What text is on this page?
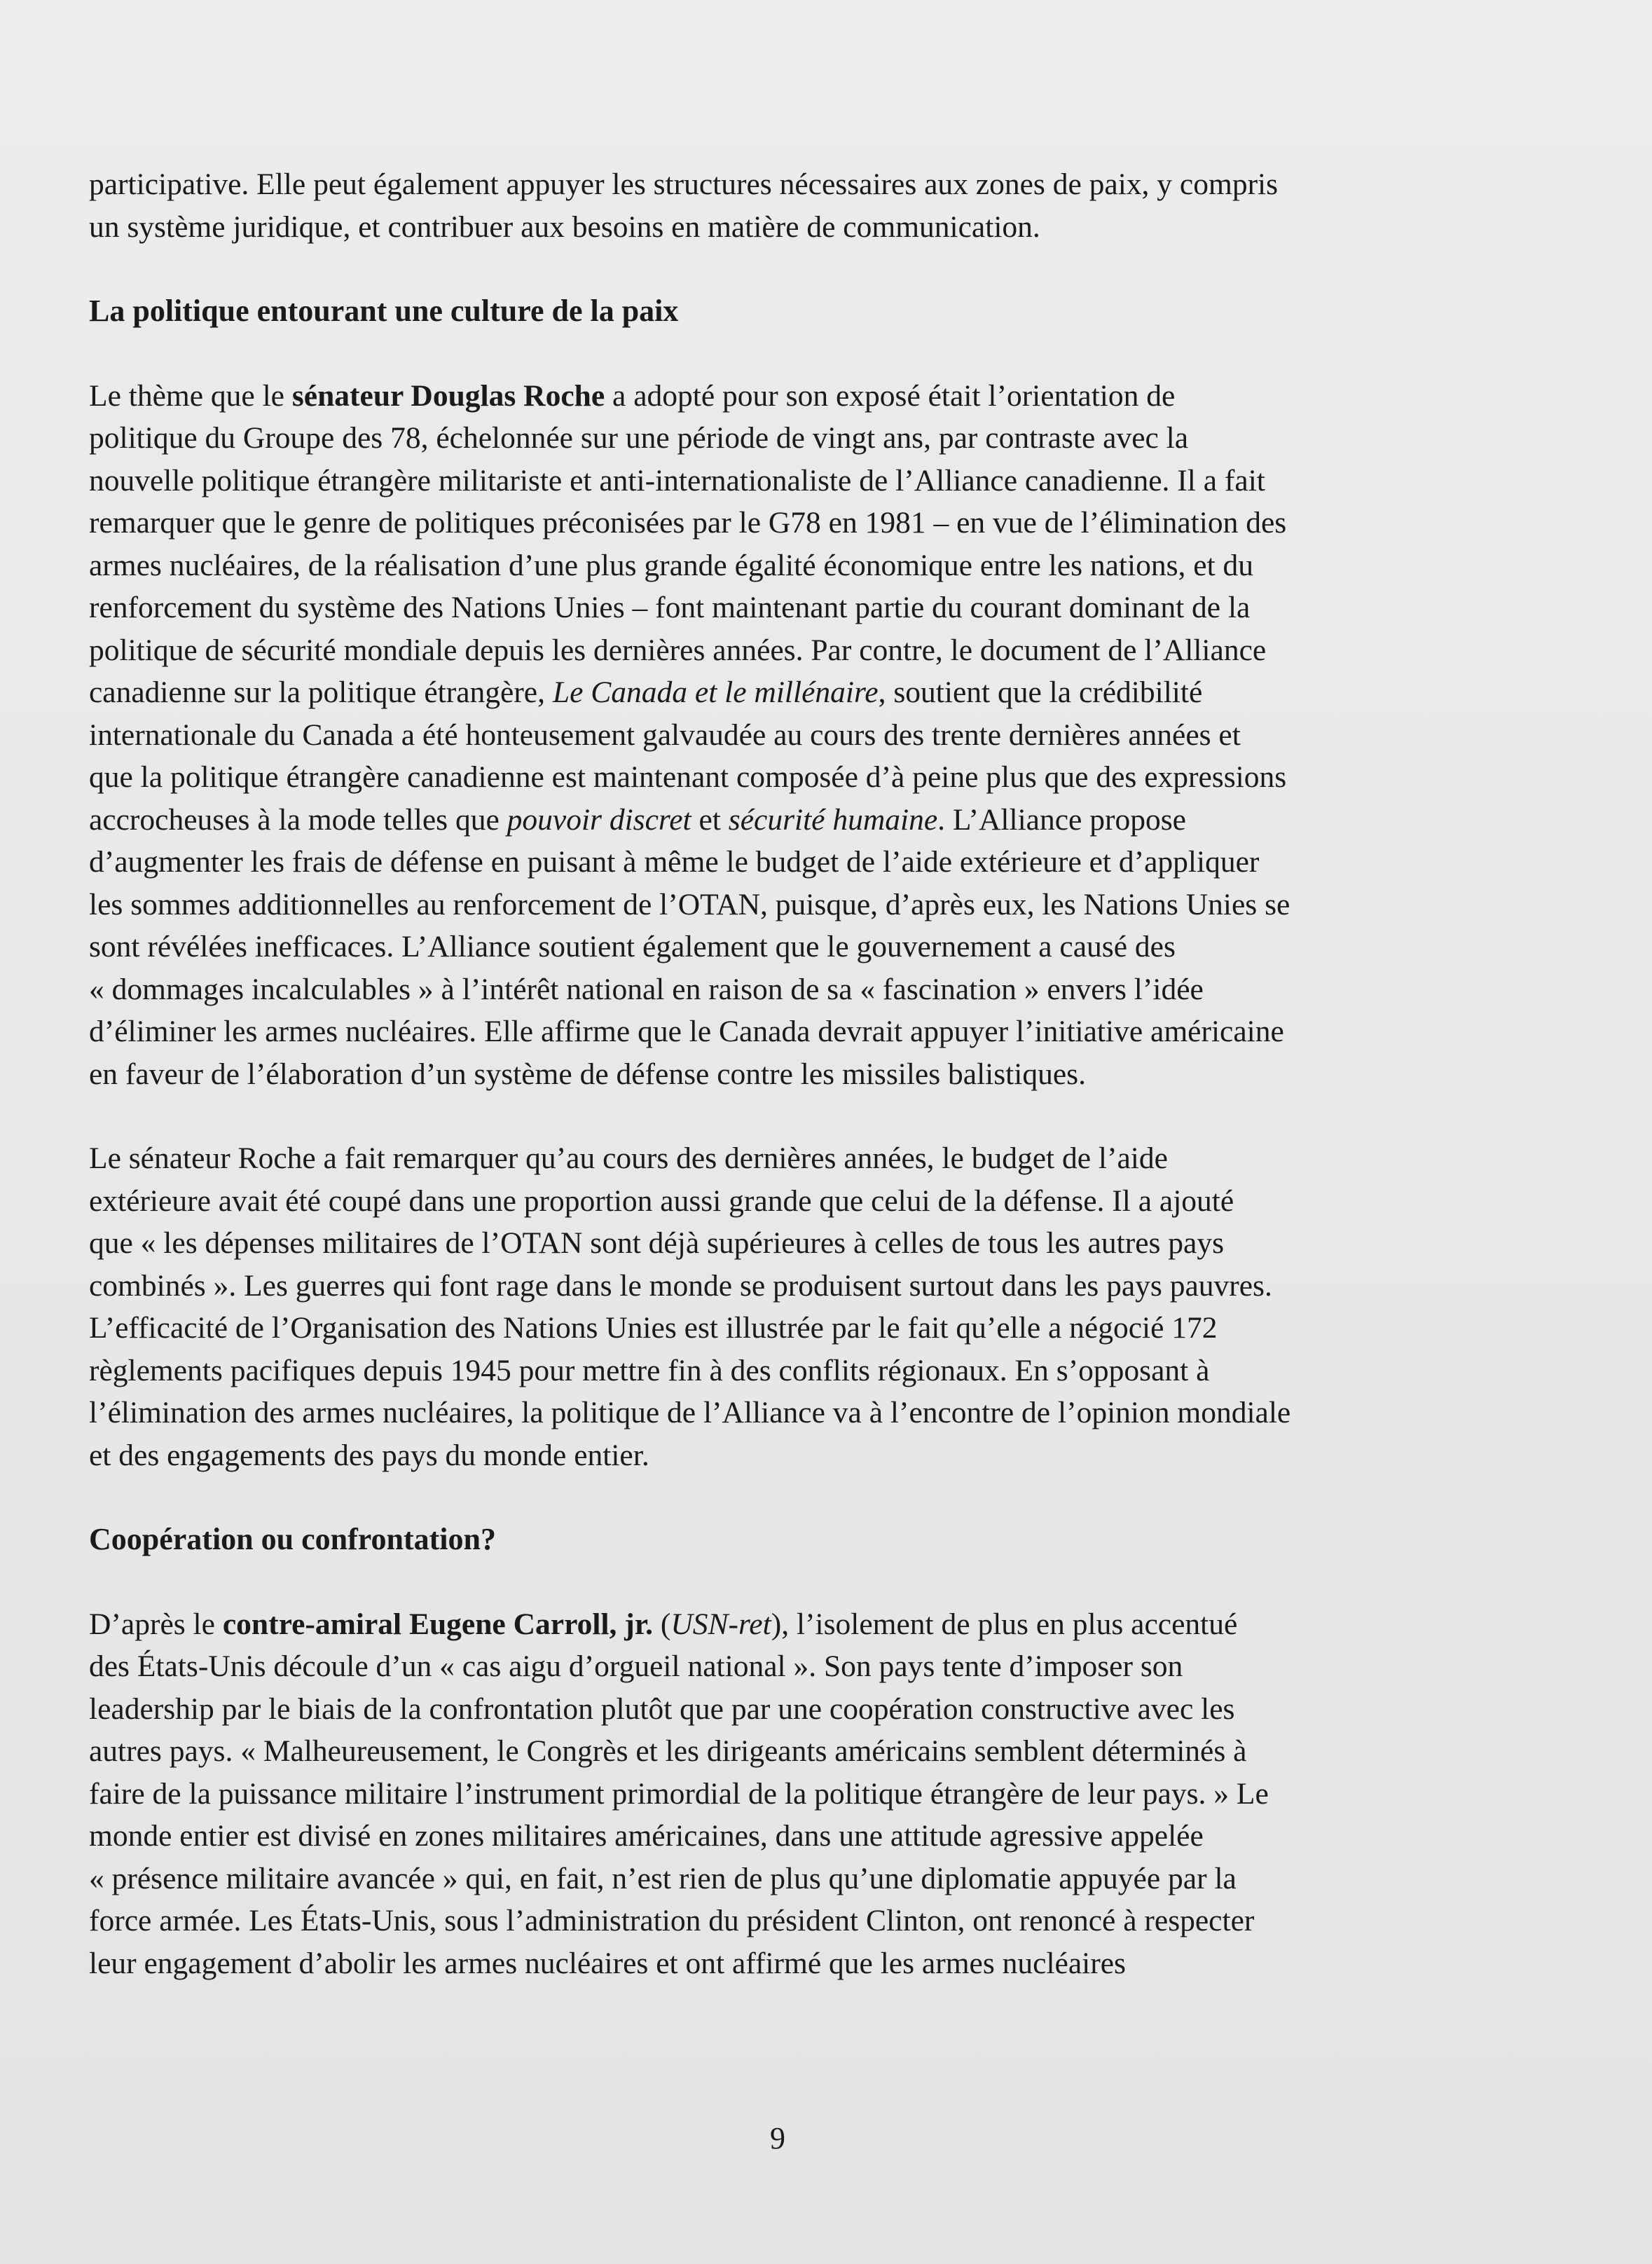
participative. Elle peut également appuyer les structures nécessaires aux zones de paix, y compris
un système juridique, et contribuer aux besoins en matière de communication.
La politique entourant une culture de la paix
Le thème que le sénateur Douglas Roche a adopté pour son exposé était l’orientation de
politique du Groupe des 78, échelonnée sur une période de vingt ans, par contraste avec la
nouvelle politique étrangère militariste et anti-internationaliste de l’Alliance canadienne. Il a fait
remarquer que le genre de politiques préconisées par le G78 en 1981 – en vue de l’élimination des
armes nucléaires, de la réalisation d’une plus grande égalité économique entre les nations, et du
renforcement du système des Nations Unies – font maintenant partie du courant dominant de la
politique de sécurité mondiale depuis les dernières années. Par contre, le document de l’Alliance
canadienne sur la politique étrangère, Le Canada et le millénaire, soutient que la crédibilité
internationale du Canada a été honteusement galvaudée au cours des trente dernières années et
que la politique étrangère canadienne est maintenant composée d’à peine plus que des expressions
accrocheuses à la mode telles que pouvoir discret et sécurité humaine. L’Alliance propose
d’augmenter les frais de défense en puisant à même le budget de l’aide extérieure et d’appliquer
les sommes additionnelles au renforcement de l’OTAN, puisque, d’après eux, les Nations Unies se
sont révélées inefficaces. L’Alliance soutient également que le gouvernement a causé des
« dommages incalculables » à l’intérêt national en raison de sa « fascination » envers l’idée
d’éliminer les armes nucléaires. Elle affirme que le Canada devrait appuyer l’initiative américaine
en faveur de l’élaboration d’un système de défense contre les missiles balistiques.
Le sénateur Roche a fait remarquer qu’au cours des dernières années, le budget de l’aide
extérieure avait été coupé dans une proportion aussi grande que celui de la défense. Il a ajouté
que « les dépenses militaires de l’OTAN sont déjà supérieures à celles de tous les autres pays
combinés ». Les guerres qui font rage dans le monde se produisent surtout dans les pays pauvres.
L’efficacité de l’Organisation des Nations Unies est illustrée par le fait qu’elle a négocié 172
règlements pacifiques depuis 1945 pour mettre fin à des conflits régionaux. En s’opposant à
l’élimination des armes nucléaires, la politique de l’Alliance va à l’encontre de l’opinion mondiale
et des engagements des pays du monde entier.
Coopération ou confrontation?
D’après le contre-amiral Eugene Carroll, jr. (USN-ret), l’isolement de plus en plus accentué
des États-Unis découle d’un « cas aigu d’orgueil national ». Son pays tente d’imposer son
leadership par le biais de la confrontation plutôt que par une coopération constructive avec les
autres pays. « Malheureusement, le Congrès et les dirigeants américains semblent déterminés à
faire de la puissance militaire l’instrument primordial de la politique étrangère de leur pays. » Le
monde entier est divisé en zones militaires américaines, dans une attitude agressive appelée
« présence militaire avancée » qui, en fait, n’est rien de plus qu’une diplomatie appuyée par la
force armée. Les États-Unis, sous l’administration du président Clinton, ont renoncé à respecter
leur engagement d’abolir les armes nucléaires et ont affirmé que les armes nucléaires
9
